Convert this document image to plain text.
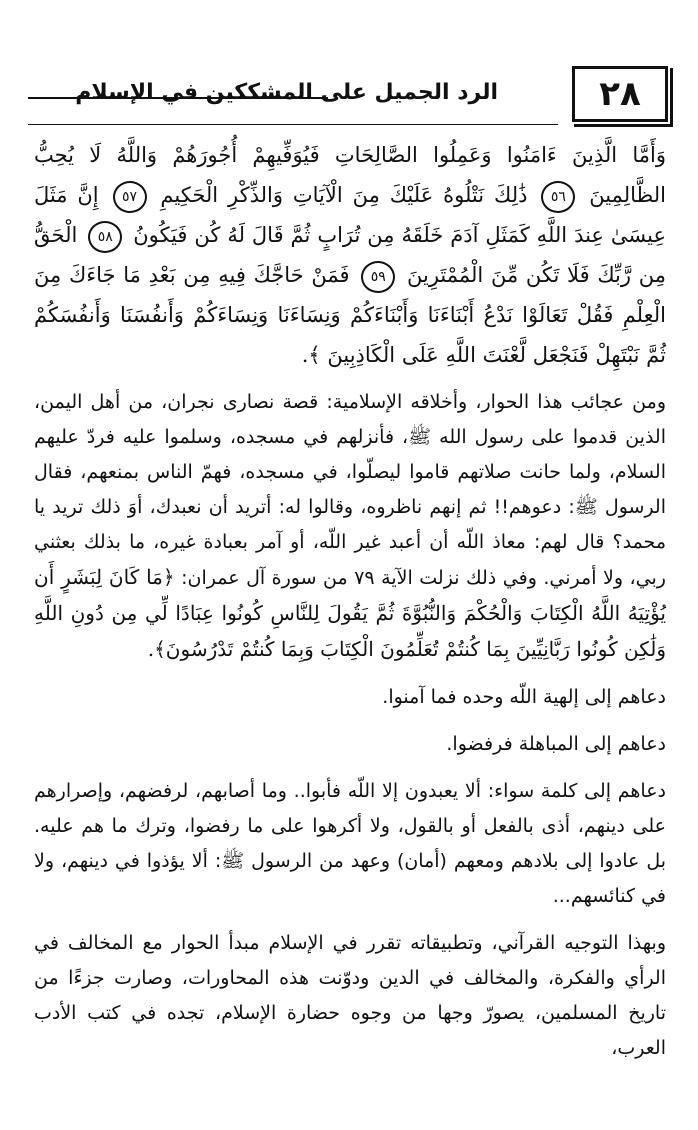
٢٨
الرد الجميل على المشككين في الإسلام

وَأَمَّا الَّذِينَ ءَامَنُوا وَعَمِلُوا الصَّالِحَاتِ فَيُوَفِّيهِمْ أُجُورَهُمْ وَاللَّهُ لَا يُحِبُّ الظَّالِمِينَ ٥٦ ذَٰلِكَ نَتْلُوهُ عَلَيْكَ مِنَ الْآيَاتِ وَالذِّكْرِ الْحَكِيمِ ٥٧ إِنَّ مَثَلَ عِيسَىٰ عِندَ اللَّهِ كَمَثَلِ آدَمَ خَلَقَهُ مِن تُرَابٍ ثُمَّ قَالَ لَهُ كُن فَيَكُونُ ٥٨ الْحَقُّ مِن رَّبِّكَ فَلَا تَكُن مِّنَ الْمُمْتَرِينَ ٥٩ فَمَنْ حَاجَّكَ فِيهِ مِن بَعْدِ مَا جَاءَكَ مِنَ الْعِلْمِ فَقُلْ تَعَالَوْا نَدْعُ أَبْنَاءَنَا وَأَبْنَاءَكُمْ وَنِسَاءَنَا وَنِسَاءَكُمْ وَأَنفُسَنَا وَأَنفُسَكُمْ ثُمَّ نَبْتَهِلْ فَنَجْعَل لَّعْنَتَ اللَّهِ عَلَى الْكَاذِبِينَ ﴾.

ومن عجائب هذا الحوار، وأخلاقه الإسلامية: قصة نصارى نجران، من أهل اليمن، الذين قدموا على رسول الله ﷺ، فأنزلهم في مسجده، وسلموا عليه فردّ عليهم السلام، ولما حانت صلاتهم قاموا ليصلّوا، في مسجده، فهمّ الناس بمنعهم، فقال الرسول ﷺ: دعوهم!! ثم إنهم ناظروه، وقالوا له: أتريد أن نعبدك، أوَ ذلك تريد يا محمد؟ قال لهم: معاذ اللّه أن أعبد غير اللّه، أو آمر بعبادة غيره، ما بذلك بعثني ربي، ولا أمرني. وفي ذلك نزلت الآية ٧٩ من سورة آل عمران: ﴿مَا كَانَ لِبَشَرٍ أَن يُؤْتِيَهُ اللَّهُ الْكِتَابَ وَالْحُكْمَ وَالنُّبُوَّةَ ثُمَّ يَقُولَ لِلنَّاسِ كُونُوا عِبَادًا لِّي مِن دُونِ اللَّهِ وَلَٰكِن كُونُوا رَبَّانِيِّينَ بِمَا كُنتُمْ تُعَلِّمُونَ الْكِتَابَ وَبِمَا كُنتُمْ تَدْرُسُونَ﴾.

دعاهم إلى إلهية اللّه وحده فما آمنوا.

دعاهم إلى المباهلة فرفضوا.

دعاهم إلى كلمة سواء: ألا يعبدون إلا اللّه فأبوا.. وما أصابهم، لرفضهم، وإصرارهم على دينهم، أذى بالفعل أو بالقول، ولا أكرهوا على ما رفضوا، وترك ما هم عليه. بل عادوا إلى بلادهم ومعهم (أمان) وعهد من الرسول ﷺ: ألا يؤذوا في دينهم، ولا في كنائسهم...

وبهذا التوجيه القرآني، وتطبيقاته تقرر في الإسلام مبدأ الحوار مع المخالف في الرأي والفكرة، والمخالف في الدين ودوّنت هذه المحاورات، وصارت جزءًا من تاريخ المسلمين، يصورّ وجها من وجوه حضارة الإسلام، تجده في كتب الأدب العرب،
